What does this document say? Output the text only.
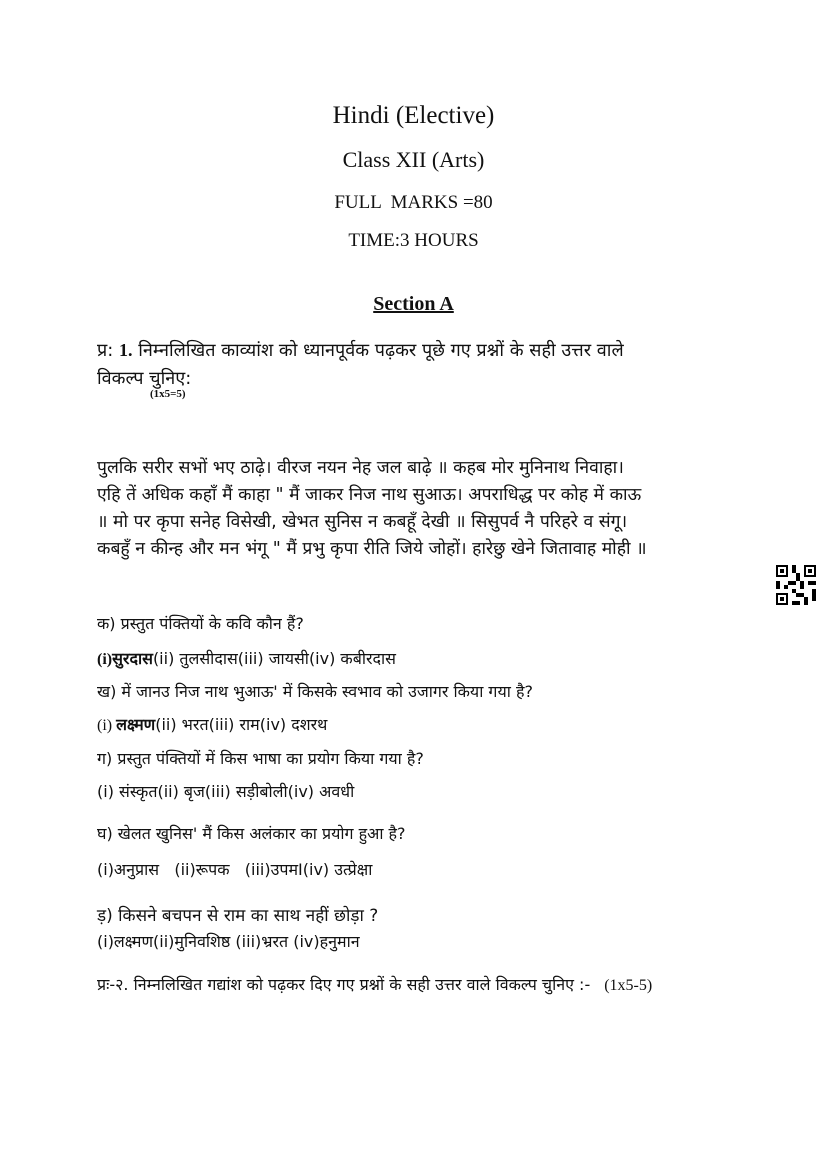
Hindi (Elective)
Class XII (Arts)
FULL  MARKS =80
TIME:3 HOURS
Section A
प्र: 1. निम्नलिखित काव्यांश को ध्यानपूर्वक पढ़कर पूछे गए प्रश्नों के सही उत्तर वाले
विकल्प चुनिए:
(1x5=5)
पुलकि सरीर सभों भए ठाढ़े। वीरज नयन नेह जल बाढ़े ॥ कहब मोर मुनिनाथ निवाहा।
एहि तें अधिक कहाँ मैं काहा " मैं जाकर निज नाथ सुआऊ। अपराधिद्ध पर कोह में काऊ
॥ मो पर कृपा सनेह विसेखी, खेभत सुनिस न कबहूँ देखी ॥ सिसुपर्व नै परिहरे व संगू।
कबहुँ न कीन्ह और मन भंगू " मैं प्रभु कृपा रीति जिये जोहों। हारेछु खेने जितावाह मोही ॥
क) प्रस्तुत पंक्तियों के कवि कौन हैं?
(i)सुरदास(ii) तुलसीदास(iii) जायसी(iv) कबीरदास
ख) में जानउ निज नाथ भुआऊ' में किसके स्वभाव को उजागर किया गया है?
(i) लक्ष्मण(ii) भरत(iii) राम(iv) दशरथ
ग) प्रस्तुत पंक्तियों में किस भाषा का प्रयोग किया गया है?
(i) संस्कृत(ii) बृज(iii) सड़ीबोली(iv) अवधी
घ) खेलत खुनिस' मैं किस अलंकार का प्रयोग हुआ है?
(i)अनुप्रास   (ii)रूपक   (iii)उपमI(iv) उत्प्रेक्षा
ड़) किसने बचपन से राम का साथ नहीं छोड़ा ?
(i)लक्ष्मण(ii)मुनिवशिष्ठ (iii)भ्ररत (iv)हनुमान
प्रः-२. निम्नलिखित गद्यांश को पढ़कर दिए गए प्रश्नों के सही उत्तर वाले विकल्प चुनिए :- (1x5-5)
